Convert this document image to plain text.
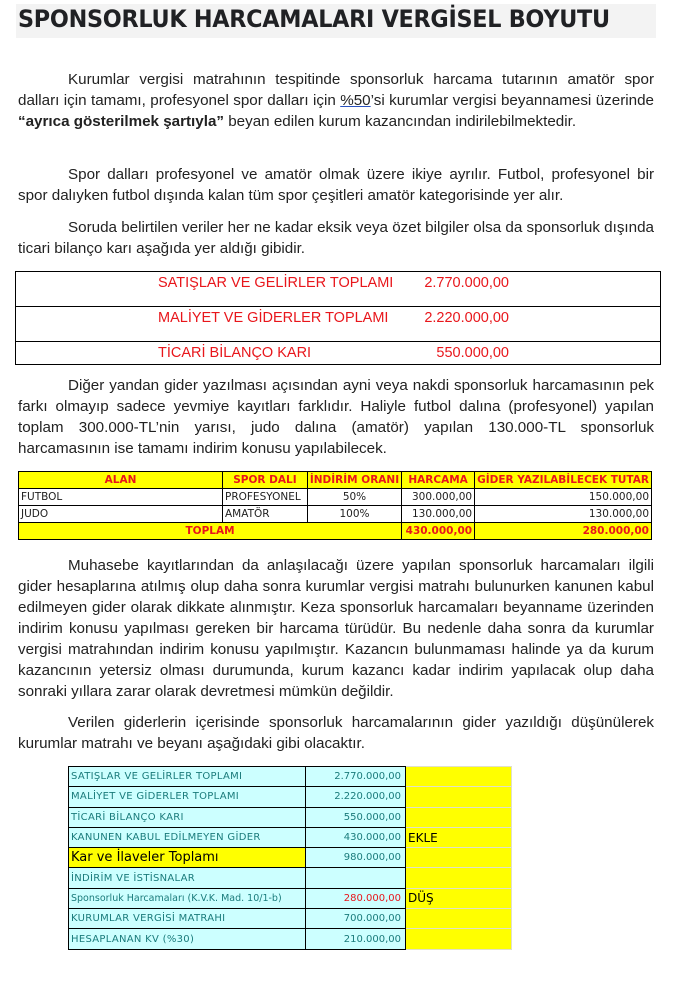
SPONSORLUK HARCAMALARI VERGİSEL BOYUTU

Kurumlar vergisi matrahının tespitinde sponsorluk harcama tutarının amatör spor dalları için tamamı, profesyonel spor dalları için %50’si kurumlar vergisi beyannamesi üzerinde “ayrıca gösterilmek şartıyla” beyan edilen kurum kazancından indirilebilmektedir.

Spor dalları profesyonel ve amatör olmak üzere ikiye ayrılır. Futbol, profesyonel bir spor dalıyken futbol dışında kalan tüm spor çeşitleri amatör kategorisinde yer alır.

Soruda belirtilen veriler her ne kadar eksik veya özet bilgiler olsa da sponsorluk dışında ticari bilanço karı aşağıda yer aldığı gibidir.

SATIŞLAR VE GELİRLER TOPLAMI	2.770.000,00

MALİYET VE GİDERLER TOPLAMI	2.220.000,00

TİCARİ BİLANÇO KARI	550.000,00

Diğer yandan gider yazılması açısından ayni veya nakdi sponsorluk harcamasının pek farkı olmayıp sadece yevmiye kayıtları farklıdır. Haliyle futbol dalına (profesyonel) yapılan toplam 300.000-TL’nin yarısı, judo dalına (amatör) yapılan 130.000-TL sponsorluk harcamasının ise tamamı indirim konusu yapılabilecek.

ALAN	SPOR DALI	İNDİRİM ORANI	HARCAMA	GİDER YAZILABİLECEK TUTAR
FUTBOL	PROFESYONEL	50%	300.000,00	150.000,00
JUDO	AMATÖR	100%	130.000,00	130.000,00
TOPLAM			430.000,00	280.000,00

Muhasebe kayıtlarından da anlaşılacağı üzere yapılan sponsorluk harcamaları ilgili gider hesaplarına atılmış olup daha sonra kurumlar vergisi matrahı bulunurken kanunen kabul edilmeyen gider olarak dikkate alınmıştır. Keza sponsorluk harcamaları beyanname üzerinden indirim konusu yapılması gereken bir harcama türüdür. Bu nedenle daha sonra da kurumlar vergisi matrahından indirim konusu yapılmıştır. Kazancın bulunmaması halinde ya da kurum kazancının yetersiz olması durumunda, kurum kazancı kadar indirim yapılacak olup daha sonraki yıllara zarar olarak devretmesi mümkün değildir.

Verilen giderlerin içerisinde sponsorluk harcamalarının gider yazıldığı düşünülerek kurumlar matrahı ve beyanı aşağıdaki gibi olacaktır.

SATIŞLAR VE GELİRLER TOPLAMI	2.770.000,00	
MALİYET VE GİDERLER TOPLAMI	2.220.000,00	
TİCARİ BİLANÇO KARI	550.000,00	
KANUNEN KABUL EDİLMEYEN GİDER	430.000,00	EKLE
Kar ve İlaveler Toplamı	980.000,00	
İNDİRİM VE İSTİSNALAR		
Sponsorluk Harcamaları (K.V.K. Mad. 10/1-b)	280.000,00	DÜŞ
KURUMLAR VERGİSİ MATRAHI	700.000,00	
HESAPLANAN KV (%30)	210.000,00	
